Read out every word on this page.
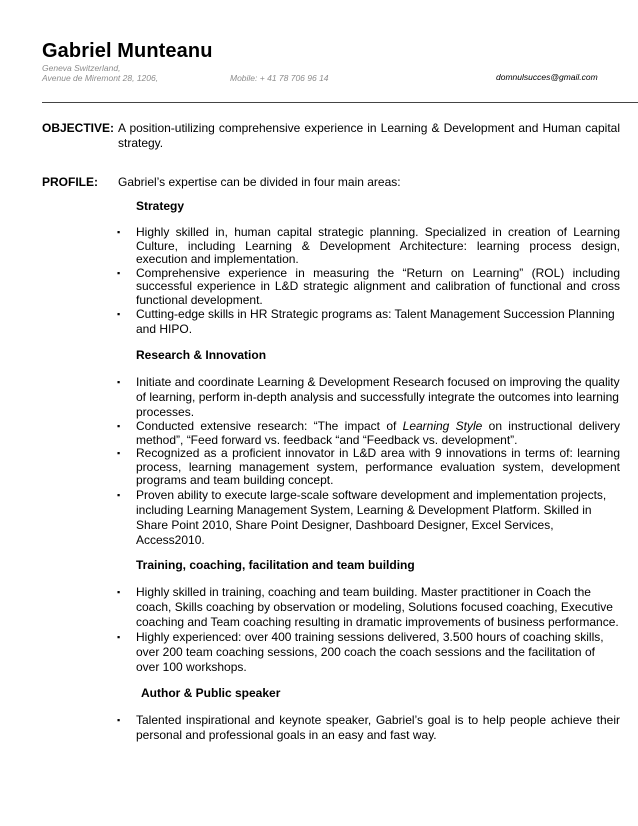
Gabriel Munteanu
Geneva Switzerland,
Avenue de Miremont 28, 1206,	Mobile: + 41 78 706 96 14	domnulsucces@gmail.com
OBJECTIVE: A position-utilizing comprehensive experience in Learning & Development and Human capital strategy.
PROFILE: Gabriel’s expertise can be divided in four main areas:
Strategy
▪ Highly skilled in, human capital strategic planning. Specialized in creation of Learning Culture, including Learning & Development Architecture: learning process design, execution and implementation.
▪ Comprehensive experience in measuring the “Return on Learning” (ROL) including successful experience in L&D strategic alignment and calibration of functional and cross functional development.
▪ Cutting-edge skills in HR Strategic programs as: Talent Management Succession Planning and HIPO.
Research & Innovation
▪ Initiate and coordinate Learning & Development Research focused on improving the quality of learning, perform in-depth analysis and successfully integrate the outcomes into learning processes.
▪ Conducted extensive research: “The impact of Learning Style on instructional delivery method”, “Feed forward vs. feedback “and “Feedback vs. development”.
▪ Recognized as a proficient innovator in L&D area with 9 innovations in terms of: learning process, learning management system, performance evaluation system, development programs and team building concept.
▪ Proven ability to execute large-scale software development and implementation projects, including Learning Management System, Learning & Development Platform. Skilled in Share Point 2010, Share Point Designer, Dashboard Designer, Excel Services, Access2010.
Training, coaching, facilitation and team building
▪ Highly skilled in training, coaching and team building. Master practitioner in Coach the coach, Skills coaching by observation or modeling, Solutions focused coaching, Executive coaching and Team coaching resulting in dramatic improvements of business performance.
▪ Highly experienced: over 400 training sessions delivered, 3.500 hours of coaching skills, over 200 team coaching sessions, 200 coach the coach sessions and the facilitation of over 100 workshops.
Author & Public speaker
▪ Talented inspirational and keynote speaker, Gabriel’s goal is to help people achieve their personal and professional goals in an easy and fast way.
